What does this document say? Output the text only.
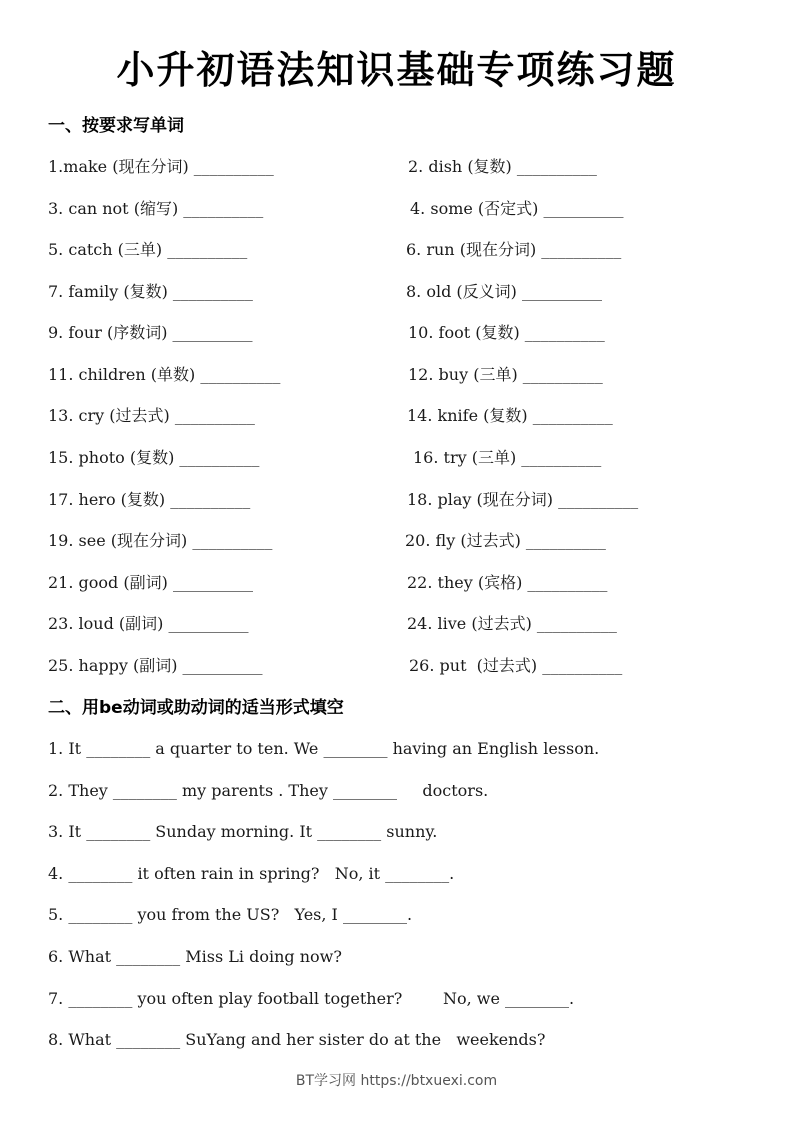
小升初语法知识基础专项练习题
一、按要求写单词
1.make (现在分词) __________	2. dish (复数) __________
3. can not (缩写) __________	4. some (否定式) __________
5. catch (三单) __________	6. run (现在分词) __________
7. family (复数) __________	8. old (反义词) __________
9. four (序数词) __________	10. foot (复数) __________
11. children (单数) __________	12. buy (三单) __________
13. cry (过去式) __________	14. knife (复数) __________
15. photo (复数) __________	16. try (三单) __________
17. hero (复数) __________	18. play (现在分词) __________
19. see (现在分词) __________	20. fly (过去式) __________
21. good (副词) __________	22. they (宾格) __________
23. loud (副词) __________	24. live (过去式) __________
25. happy (副词) __________	26. put  (过去式) __________
二、用be动词或助动词的适当形式填空
1. It ________ a quarter to ten. We ________ having an English lesson.
2. They ________ my parents . They ________     doctors.
3. It ________ Sunday morning. It ________ sunny.
4. ________ it often rain in spring?   No, it ________.
5. ________ you from the US?   Yes, I ________.
6. What ________ Miss Li doing now?
7. ________ you often play football together?        No, we ________.
8. What ________ SuYang and her sister do at the   weekends?
BT学习网 https://btxuexi.com
